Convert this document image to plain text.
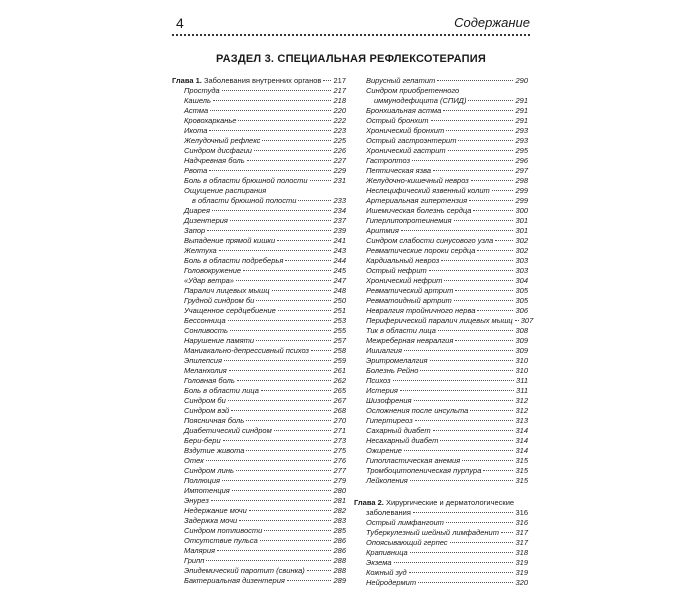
4	Содержание
РАЗДЕЛ 3. СПЕЦИАЛЬНАЯ РЕФЛЕКСОТЕРАПИЯ
Глава 1. Заболевания внутренних органов 217
Простуда	217
Кашель	218
Астма	220
Кровохарканье	222
Икота	223
Желудочный рефлекс	225
Синдром дисфагии	226
Надчревная боль	227
Рвота	229
Боль в области брюшной полости	231
Ощущение распирания
в области брюшной полости	233
Диарея	234
Дизентерия	237
Запор	239
Выпадение прямой кишки	241
Желтуха	243
Боль в области подреберья	244
Головокружение	245
«Удар ветра»	247
Паралич лицевых мышц	248
Грудной синдром би	250
Учащенное сердцебиение	251
Бессонница	253
Сонливость	255
Нарушение памяти	257
Маниакально-депрессивный психоз	258
Эпилепсия	259
Меланхолия	261
Головная боль	262
Боль в области лица	265
Синдром би	267
Синдром вэй	268
Поясничная боль	270
Диабетический синдром	271
Бери-бери	273
Вздутие живота	275
Отек	276
Синдром линь	277
Поллюция	279
Импотенция	280
Энурез	281
Недержание мочи	282
Задержка мочи	283
Синдром потливости	285
Отсутствие пульса	286
Малярия	286
Грипп	288
Эпидемический паротит (свинка)	288
Бактериальная дизентерия	289
Вирусный гепатит	290
Синдром приобретенного
иммунодефицита (СПИД)	291
Бронхиальная астма	291
Острый бронхит	291
Хронический бронхит	293
Острый гастроэнтерит	293
Хронический гастрит	295
Гастроптоз	296
Пептическая язва	297
Желудочно-кишечный невроз	298
Неспецифический язвенный колит	299
Артериальная гипертензия	299
Ишемическая болезнь сердца	300
Гиперлипопротеинемия	301
Аритмия	301
Синдром слабости синусового узла	302
Ревматические пороки сердца	302
Кардиальный невроз	303
Острый нефрит	303
Хронический нефрит	304
Ревматический артрит	305
Ревматоидный артрит	305
Невралгия тройничного нерва	306
Периферический паралич лицевых мышц 307
Тик в области лица	308
Межреберная невралгия	309
Ишиалгия	309
Эритромелалгия	310
Болезнь Рейно	310
Психоз	311
Истерия	311
Шизофрения	312
Осложнения после инсульта	312
Гипертиреоз	313
Сахарный диабет	314
Несахарный диабет	314
Ожирение	314
Гипопластическая анемия	315
Тромбоцитопеническая пурпура	315
Лейкопения	315
Глава 2. Хирургические и дерматологические
заболевания	316
Острый лимфангоит	316
Туберкулезный шейный лимфаденит 317
Опоясывающий герпес	317
Крапивница	318
Экзема	319
Кожный зуд	319
Нейродермит	320
